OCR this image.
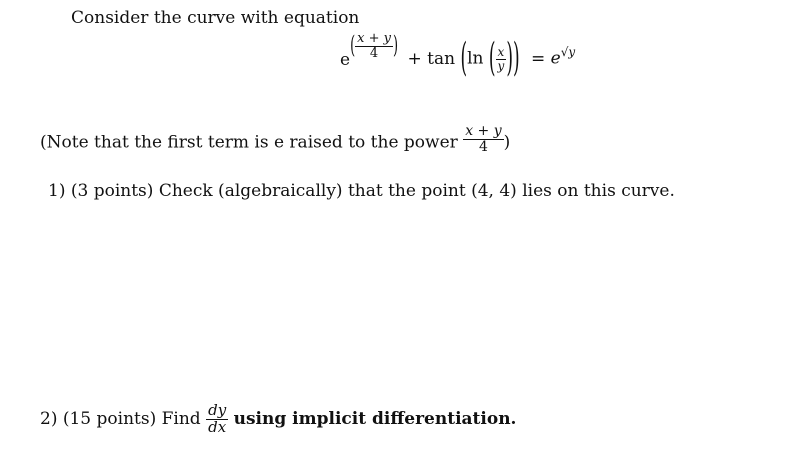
Consider the curve with equation
$e( \frac{x + y}{4}$ ) + tan (ln ( $\frac{x}{y}$ )) = $e^{√y}$
(Note that the first term is e raised to the power $\frac{x + y}{4}$ )
1) (3 points) Check (algebraically) that the point (4, 4) lies on this curve.
2) (15 points) Find $\frac{dy}{dx}$ using implicit differentiation.
